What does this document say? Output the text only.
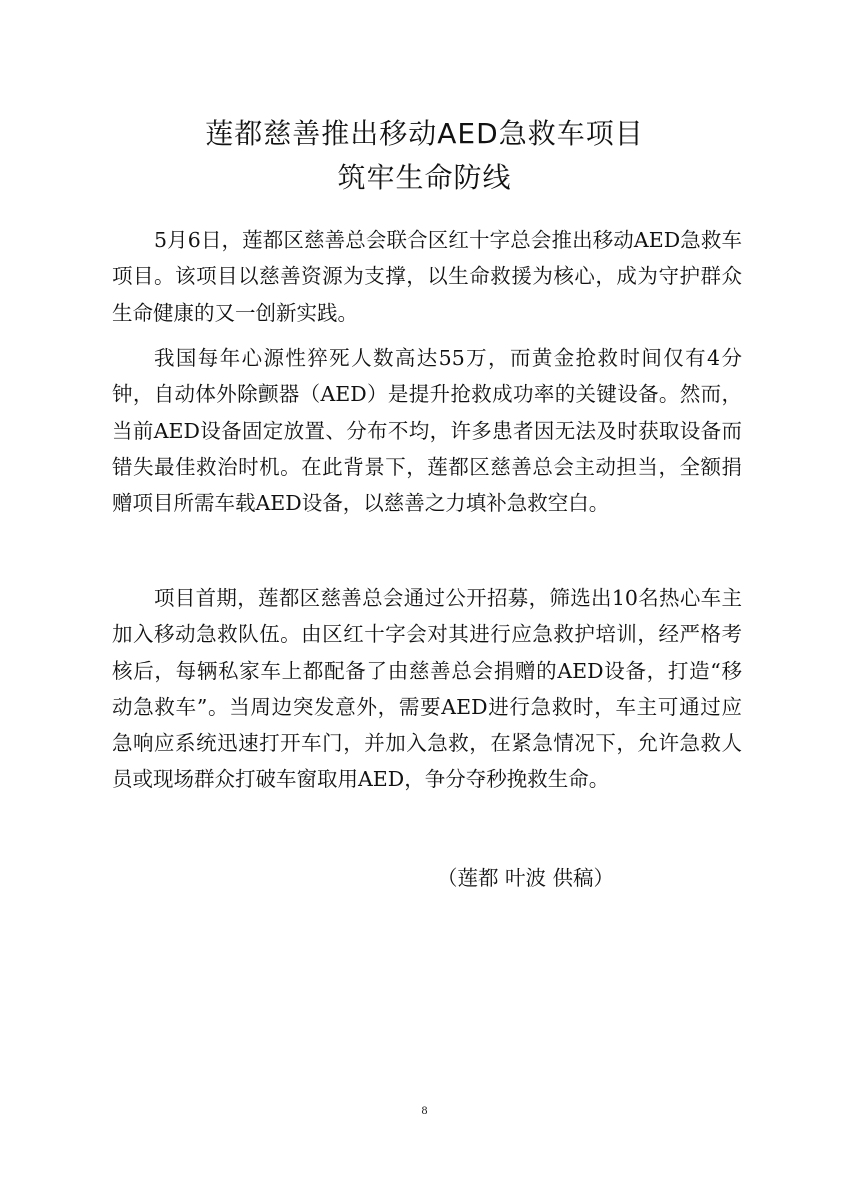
莲都慈善推出移动AED急救车项目
筑牢生命防线

5月6日，莲都区慈善总会联合区红十字总会推出移动AED急救车项目。该项目以慈善资源为支撑，以生命救援为核心，成为守护群众生命健康的又一创新实践。

我国每年心源性猝死人数高达55万，而黄金抢救时间仅有4分钟，自动体外除颤器（AED）是提升抢救成功率的关键设备。然而，当前AED设备固定放置、分布不均，许多患者因无法及时获取设备而错失最佳救治时机。在此背景下，莲都区慈善总会主动担当，全额捐赠项目所需车载AED设备，以慈善之力填补急救空白。

项目首期，莲都区慈善总会通过公开招募，筛选出10名热心车主加入移动急救队伍。由区红十字会对其进行应急救护培训，经严格考核后，每辆私家车上都配备了由慈善总会捐赠的AED设备，打造“移动急救车”。当周边突发意外，需要AED进行急救时，车主可通过应急响应系统迅速打开车门，并加入急救，在紧急情况下，允许急救人员或现场群众打破车窗取用AED，争分夺秒挽救生命。

（莲都 叶波 供稿）
8
